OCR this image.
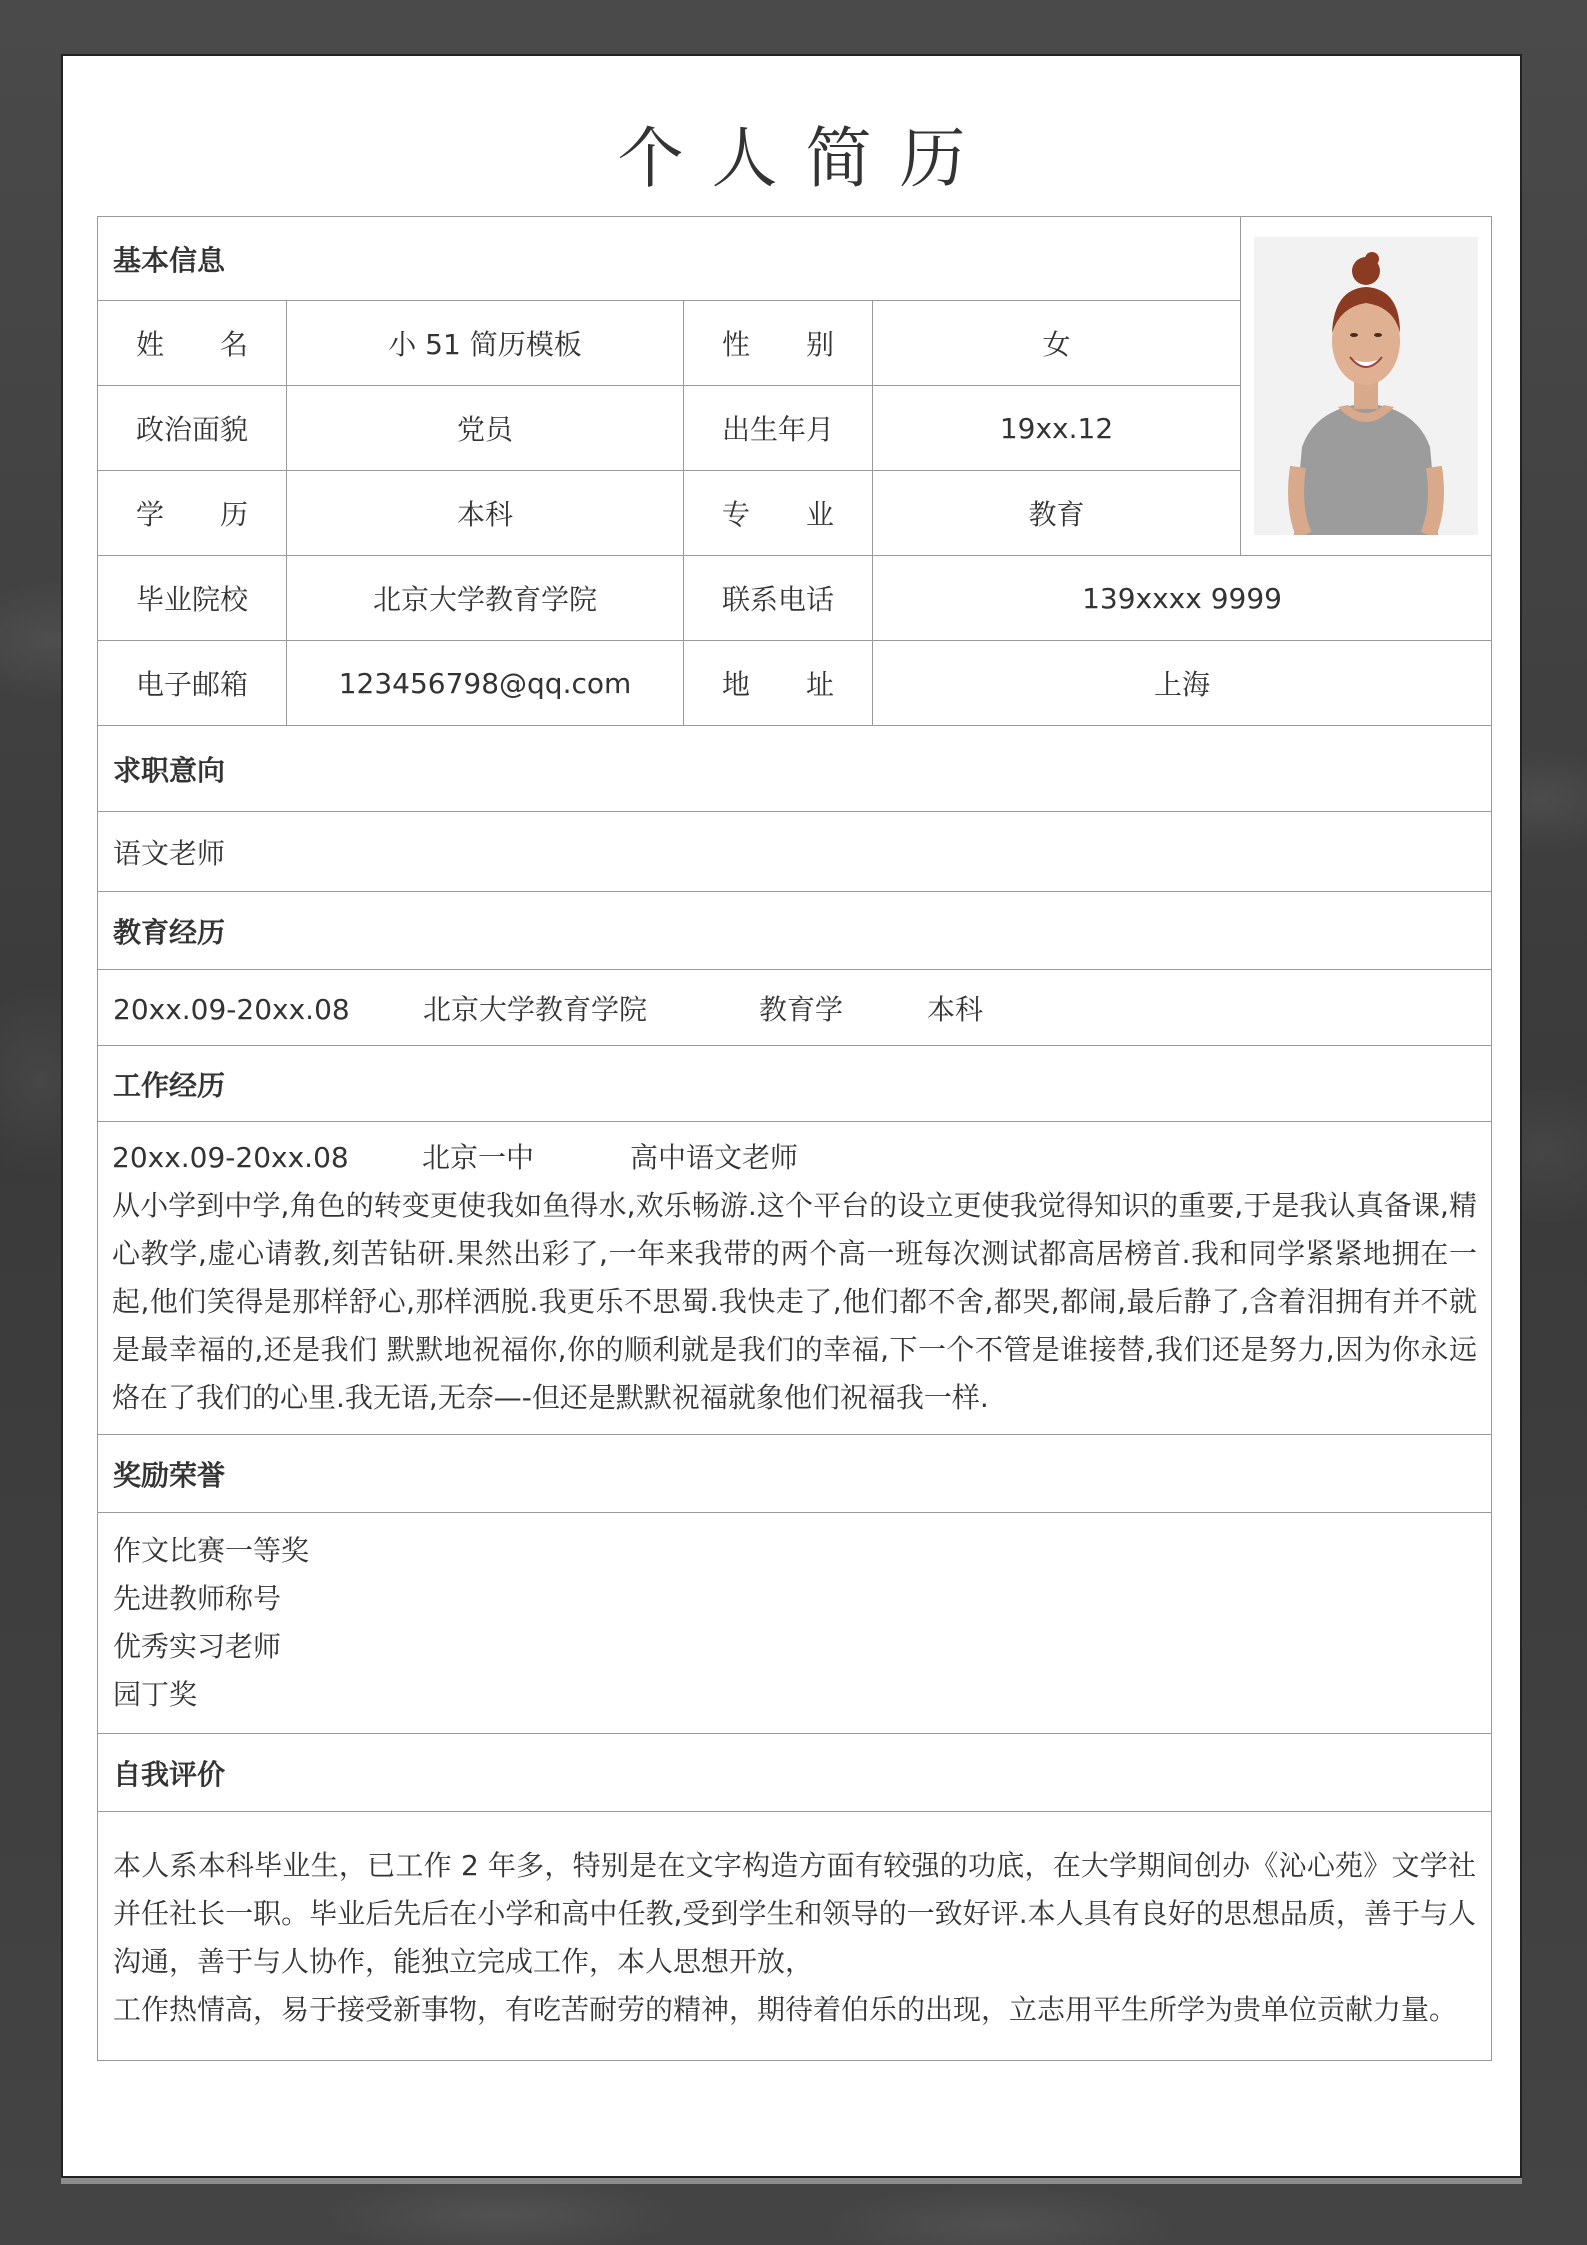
个人简历
基本信息	

姓名	小 51 简历模板	性别	女	
政治面貌	党员	出生年月	19xx.12	
学历	本科	专业	教育	
毕业院校	北京大学教育学院	联系电话	139xxxx 9999	
电子邮箱	123456798@qq.com	地址	上海	
求职意向				
语文老师				
教育经历				
20xx.09-20xx.08 北京大学教育学院 教育学 本科				
工作经历				

20xx.09-20xx.08 北京一中 高中语文老师
从小学到中学,角色的转变更使我如鱼得水,欢乐畅游.这个平台的设立更使我觉得知识的重要,于是我认真备课,精心教学,虚心请教,刻苦钻研.果然出彩了,一年来我带的两个高一班每次测试都高居榜首.我和同学紧紧地拥在一起,他们笑得是那样舒心,那样洒脱.我更乐不思蜀.我快走了,他们都不舍,都哭,都闹,最后静了,含着泪拥有并不就是最幸福的,还是我们 默默地祝福你,你的顺利就是我们的幸福,下一个不管是谁接替,我们还是努力,因为你永远烙在了我们的心里.我无语,无奈—-但还是默默祝福就象他们祝福我一样.				

奖励荣誉				

作文比赛一等奖
先进教师称号
优秀实习老师
园丁奖				

自我评价				

本人系本科毕业生，已工作 2 年多，特别是在文字构造方面有较强的功底，在大学期间创办《沁心苑》文学社并任社长一职。毕业后先后在小学和高中任教,受到学生和领导的一致好评.本人具有良好的思想品质，善于与人沟通，善于与人协作，能独立完成工作，本人思想开放，
工作热情高，易于接受新事物，有吃苦耐劳的精神，期待着伯乐的出现，立志用平生所学为贵单位贡献力量。				
